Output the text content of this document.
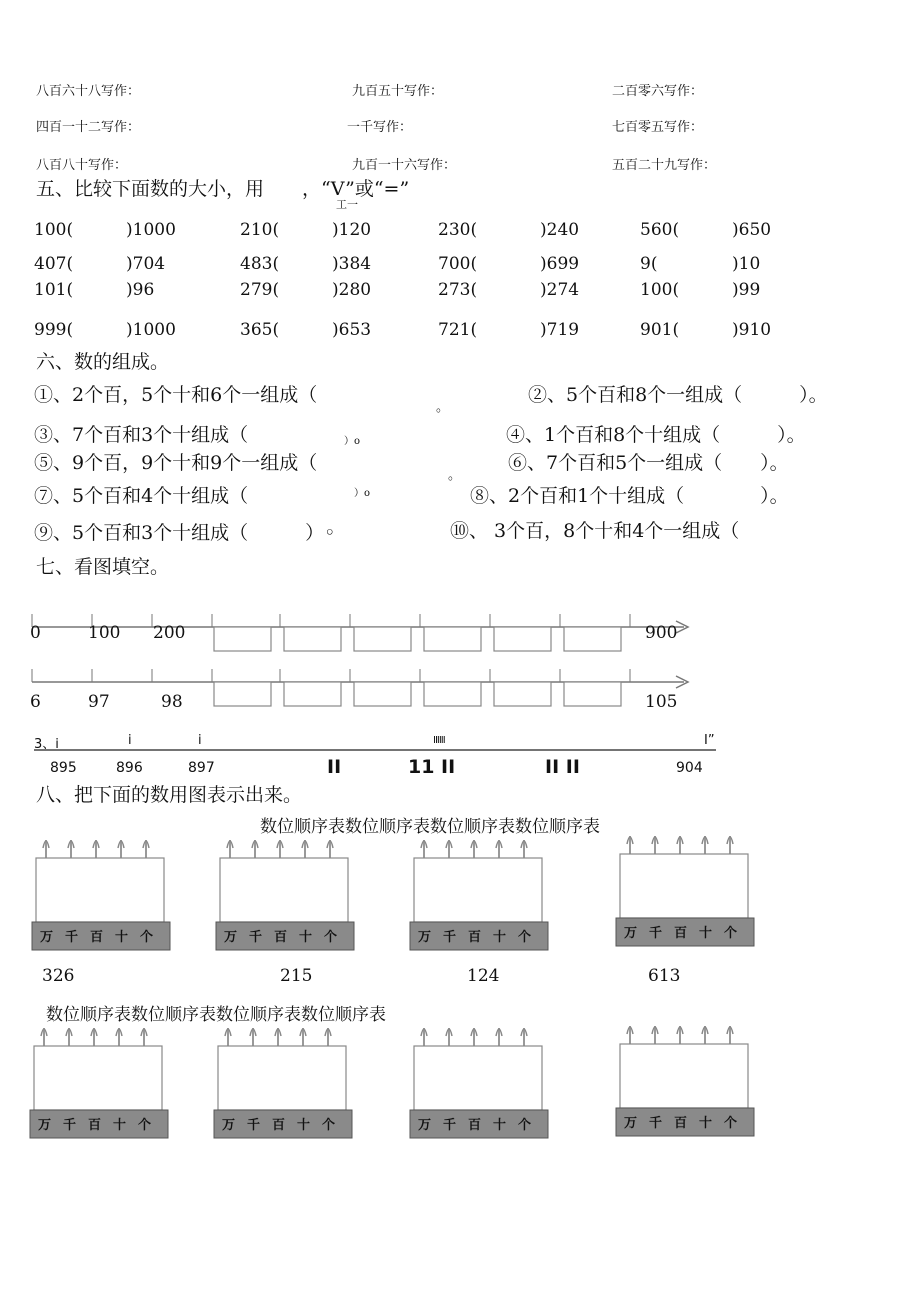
八百六十八写作：	九百五十写作：	二百零六写作：
四百一十二写作：	一千写作：	七百零五写作：
八百八十写作：	九百一十六写作：	五百二十九写作：
五、比较下面数的大小，用　　，“V”或“=”
工一
100(	)1000	210(	)120	230(	)240	560(	)650
407(	)704	483(	)384	700(	)699	9(	)10
101(	)96	279(	)280	273(	)274	100(	)99
999(	)1000	365(	)653	721(	)719	901(	)910
六、数的组成。
①、2个百，5个十和6个一组成（	②、5个百和8个一组成（　　　）。
。
③、7个百和3个十组成（	④、1个百和8个十组成（　　　）。
）o
⑤、9个百，9个十和9个一组成（	⑥、7个百和5个一组成（　　）。
。
⑦、5个百和4个十组成（	⑧、2个百和1个十组成（　　　　）。
）o
⑨、5个百和3个十组成（　　　）◦	⑩、 3个百，8个十和4个一组成（
七、看图填空。
万 千 百 十 个	万 千 百 十 个	万 千 百 十 个	万 千 百 十 个
万 千 百 十 个	万 千 百 十 个	万 千 百 十 个	万 千 百 十 个
0	100 200	900
6	97	98	105
3、i	i	i	IIIIII	I”
895	896	897	II	11 II	II II	904
八、把下面的数用图表示出来。
数位顺序表数位顺序表数位顺序表数位顺序表
数位顺序表数位顺序表数位顺序表数位顺序表
326	215	124	613
